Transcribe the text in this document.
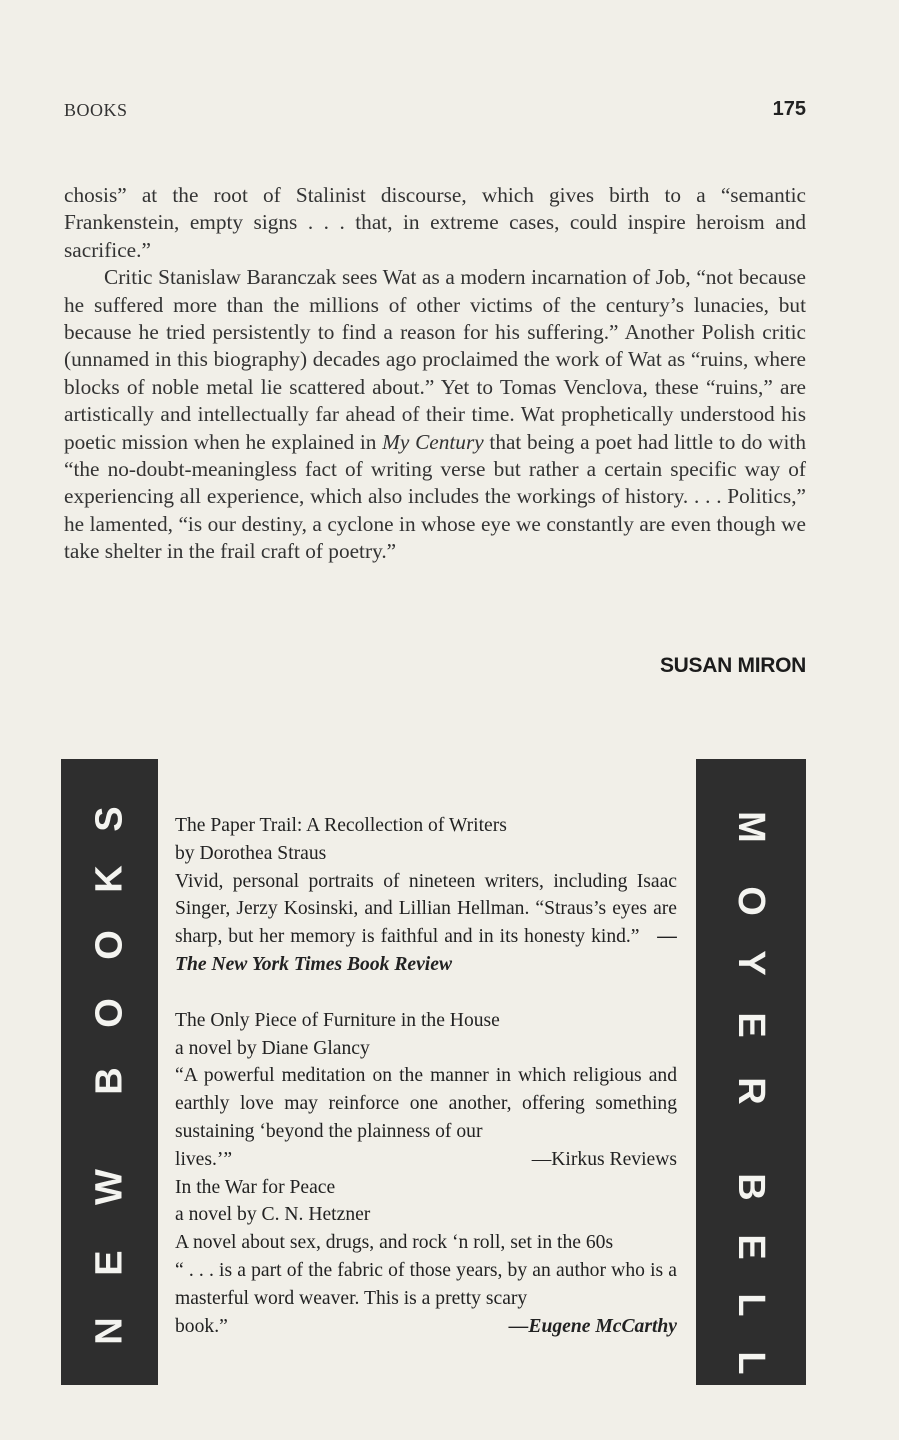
BOOKS	175

chosis” at the root of Stalinist discourse, which gives birth to a “semantic Frankenstein, empty signs . . . that, in extreme cases, could inspire heroism and sacrifice.”

Critic Stanislaw Baranczak sees Wat as a modern incarnation of Job, “not because he suffered more than the millions of other victims of the century’s lunacies, but because he tried persistently to find a reason for his suffering.” Another Polish critic (unnamed in this biography) decades ago proclaimed the work of Wat as “ruins, where blocks of noble metal lie scattered about.” Yet to Tomas Venclova, these “ruins,” are artistically and intellectually far ahead of their time. Wat prophetically understood his poetic mission when he explained in My Century that being a poet had little to do with “the no-doubt-meaningless fact of writing verse but rather a certain specific way of experiencing all experience, which also includes the workings of history. . . . Politics,” he lamented, “is our destiny, a cyclone in whose eye we constantly are even though we take shelter in the frail craft of poetry.”

SUSAN MIRON
N
E
W
B
O
O
K
S	M
O
Y
E
R
B
E
L
L
The Paper Trail: A Recollection of Writers
by Dorothea Straus
Vivid, personal portraits of nineteen writers, including Isaac Singer, Jerzy Kosinski, and Lillian Hellman. “Straus’s eyes are sharp, but her memory is faithful and in its honesty kind.” —The New York Times Book Review
The Only Piece of Furniture in the House
a novel by Diane Glancy
“A powerful meditation on the manner in which religious and earthly love may reinforce one another, offering something sustaining ‘beyond the plainness of our
lives.’”	—Kirkus Reviews
In the War for Peace
a novel by C. N. Hetzner
A novel about sex, drugs, and rock ‘n roll, set in the 60s
“ . . . is a part of the fabric of those years, by an author who is a masterful word weaver. This is a pretty scary
book.”	—Eugene McCarthy
